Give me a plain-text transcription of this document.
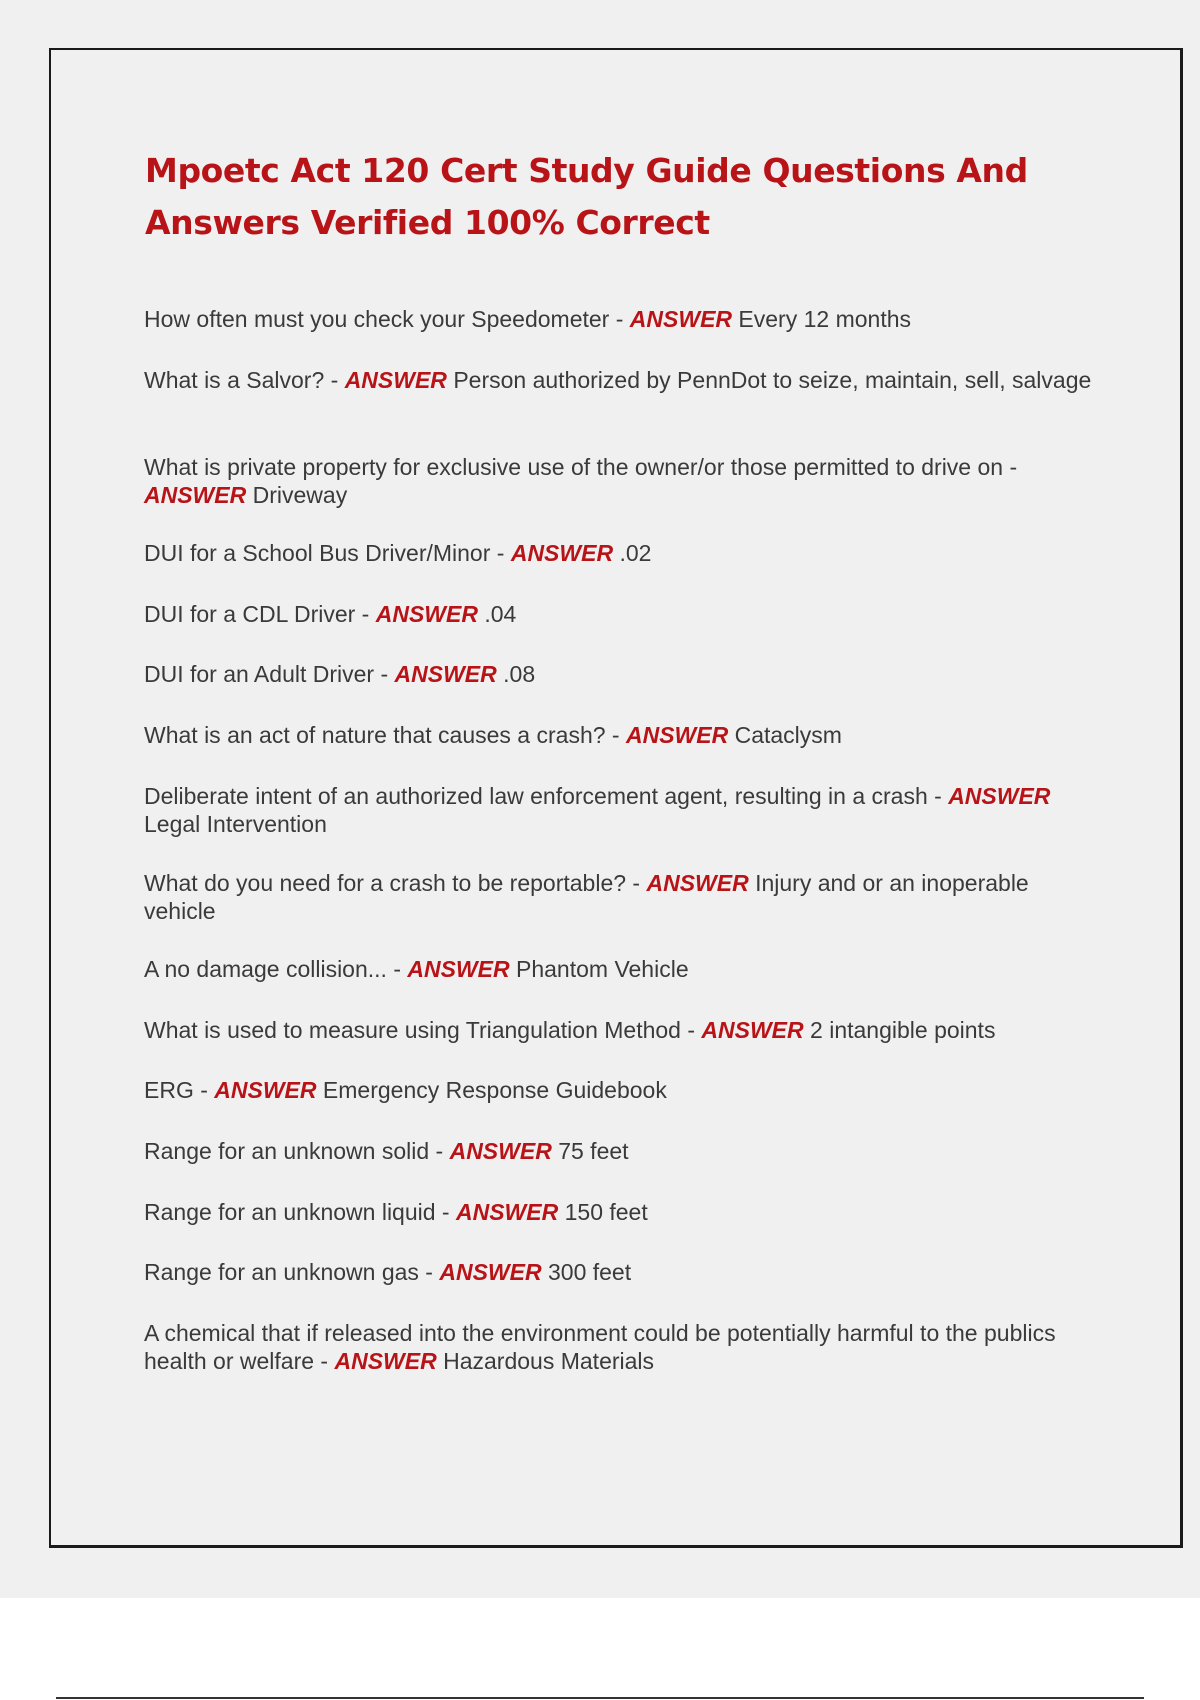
Mpoetc Act 120 Cert Study Guide Questions And Answers Verified 100% Correct

How often must you check your Speedometer - ANSWER Every 12 months

What is a Salvor? - ANSWER Person authorized by PennDot to seize, maintain, sell, salvage

What is private property for exclusive use of the owner/or those permitted to drive on - ANSWER Driveway

DUI for a School Bus Driver/Minor - ANSWER .02

DUI for a CDL Driver - ANSWER .04

DUI for an Adult Driver - ANSWER .08

What is an act of nature that causes a crash? - ANSWER Cataclysm

Deliberate intent of an authorized law enforcement agent, resulting in a crash - ANSWER Legal Intervention

What do you need for a crash to be reportable? - ANSWER Injury and or an inoperable vehicle

A no damage collision... - ANSWER Phantom Vehicle

What is used to measure using Triangulation Method - ANSWER 2 intangible points

ERG - ANSWER Emergency Response Guidebook

Range for an unknown solid - ANSWER 75 feet

Range for an unknown liquid - ANSWER 150 feet

Range for an unknown gas - ANSWER 300 feet

A chemical that if released into the environment could be potentially harmful to the publics health or welfare - ANSWER Hazardous Materials
